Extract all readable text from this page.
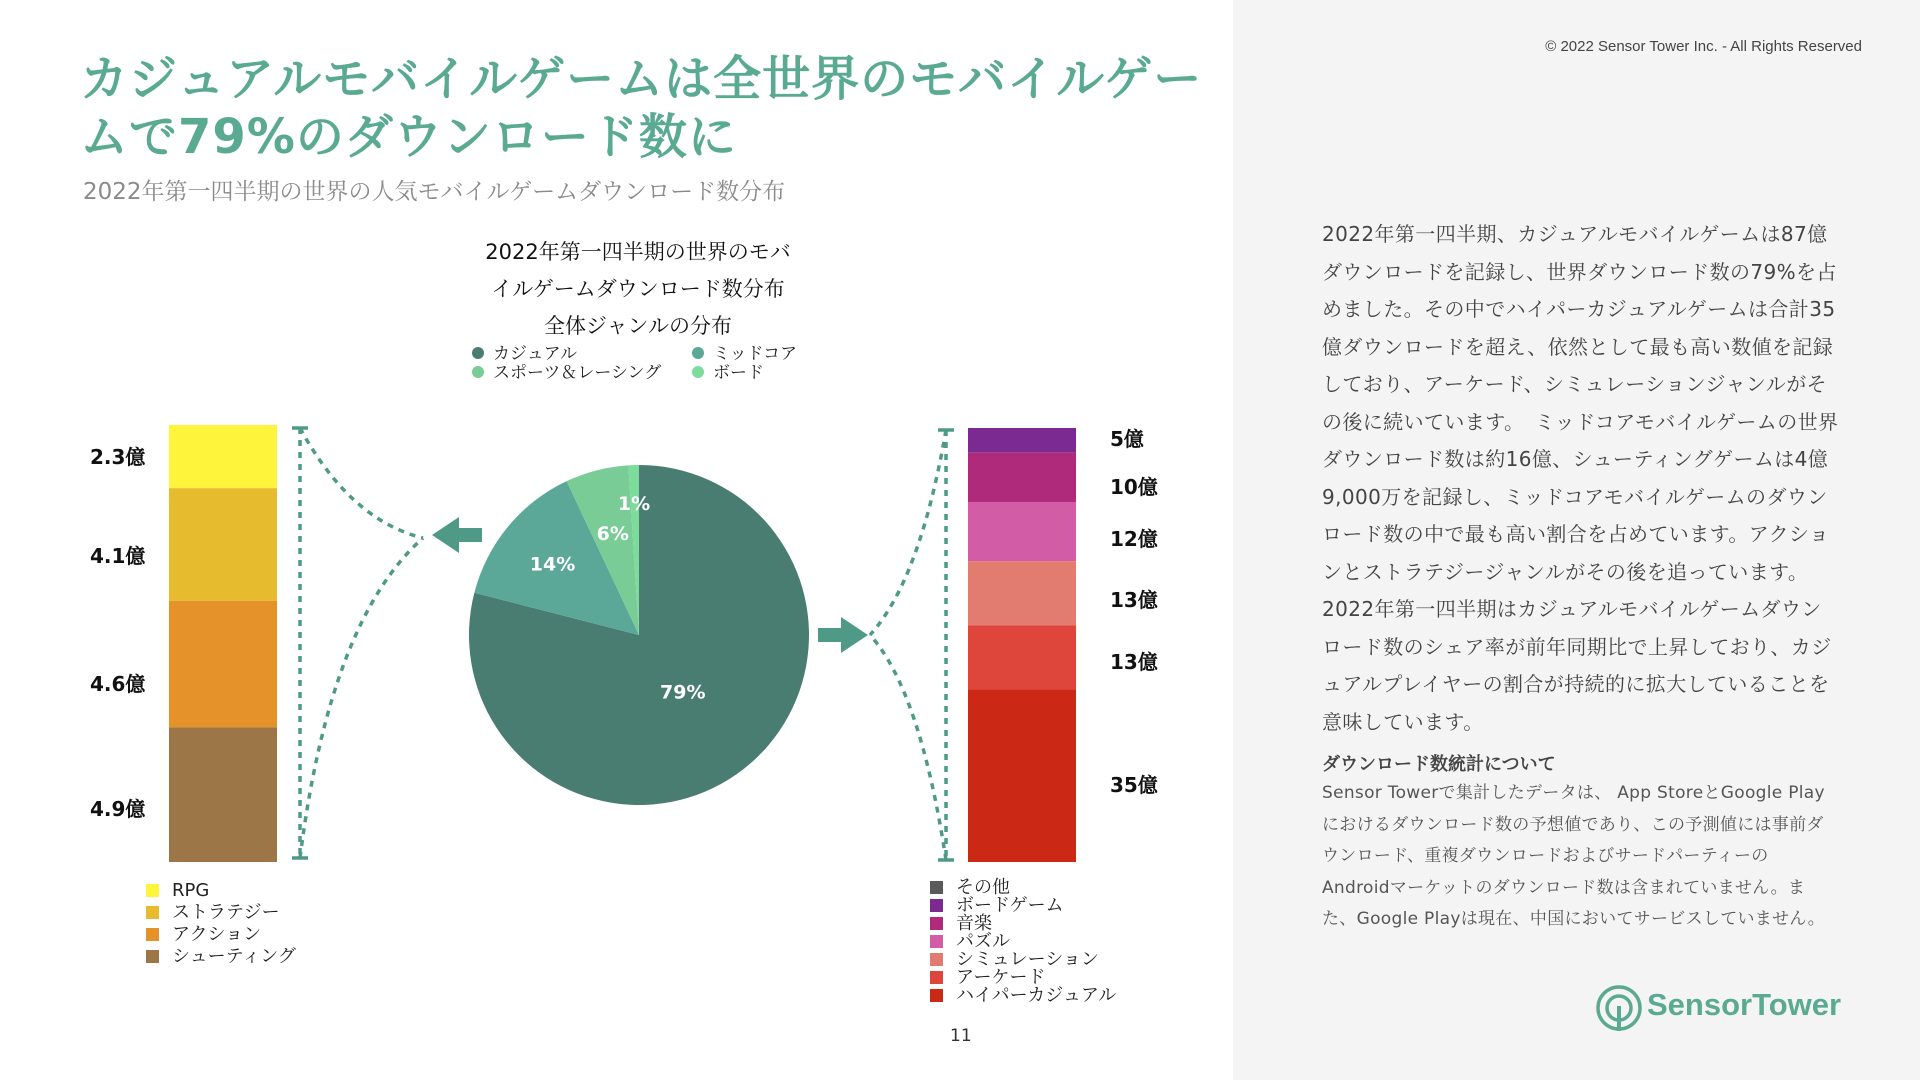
© 2022 Sensor Tower Inc. - All Rights Reserved
カジュアルモバイルゲームは全世界のモバイルゲームで79%のダウンロード数に
2022年第一四半期の世界の人気モバイルゲームダウンロード数分布
2022年第一四半期の世界のモバ
イルゲームダウンロード数分布
全体ジャンルの分布
カジュアル	ミッドコア
スポーツ＆レーシング	ボード
79%
14%
6%
1%
2.3億
4.1億
4.6億
4.9億
5億
10億
12億
13億
13億
35億
RPG
ストラテジー
アクション
シューティング
その他
ボードゲーム
音楽
パズル
シミュレーション
アーケード
ハイパーカジュアル
11
2022年第一四半期、カジュアルモバイルゲームは87億ダウンロードを記録し、世界ダウンロード数の79%を占めました。その中でハイパーカジュアルゲームは合計35億ダウンロードを超え、依然として最も高い数値を記録しており、アーケード、シミュレーションジャンルがその後に続いています。　ミッドコアモバイルゲームの世界ダウンロード数は約16億、シューティングゲームは4億9,000万を記録し、ミッドコアモバイルゲームのダウンロード数の中で最も高い割合を占めています。アクションとストラテジージャンルがその後を追っています。2022年第一四半期はカジュアルモバイルゲームダウンロード数のシェア率が前年同期比で上昇しており、カジュアルプレイヤーの割合が持続的に拡大していることを意味しています。
ダウンロード数統計について
Sensor Towerで集計したデータは、 App StoreとGoogle Playにおけるダウンロード数の予想値であり、この予測値には事前ダウンロード、重複ダウンロードおよびサードパーティーのAndroidマーケットのダウンロード数は含まれていません。また、Google Playは現在、中国においてサービスしていません。
SensorTower
